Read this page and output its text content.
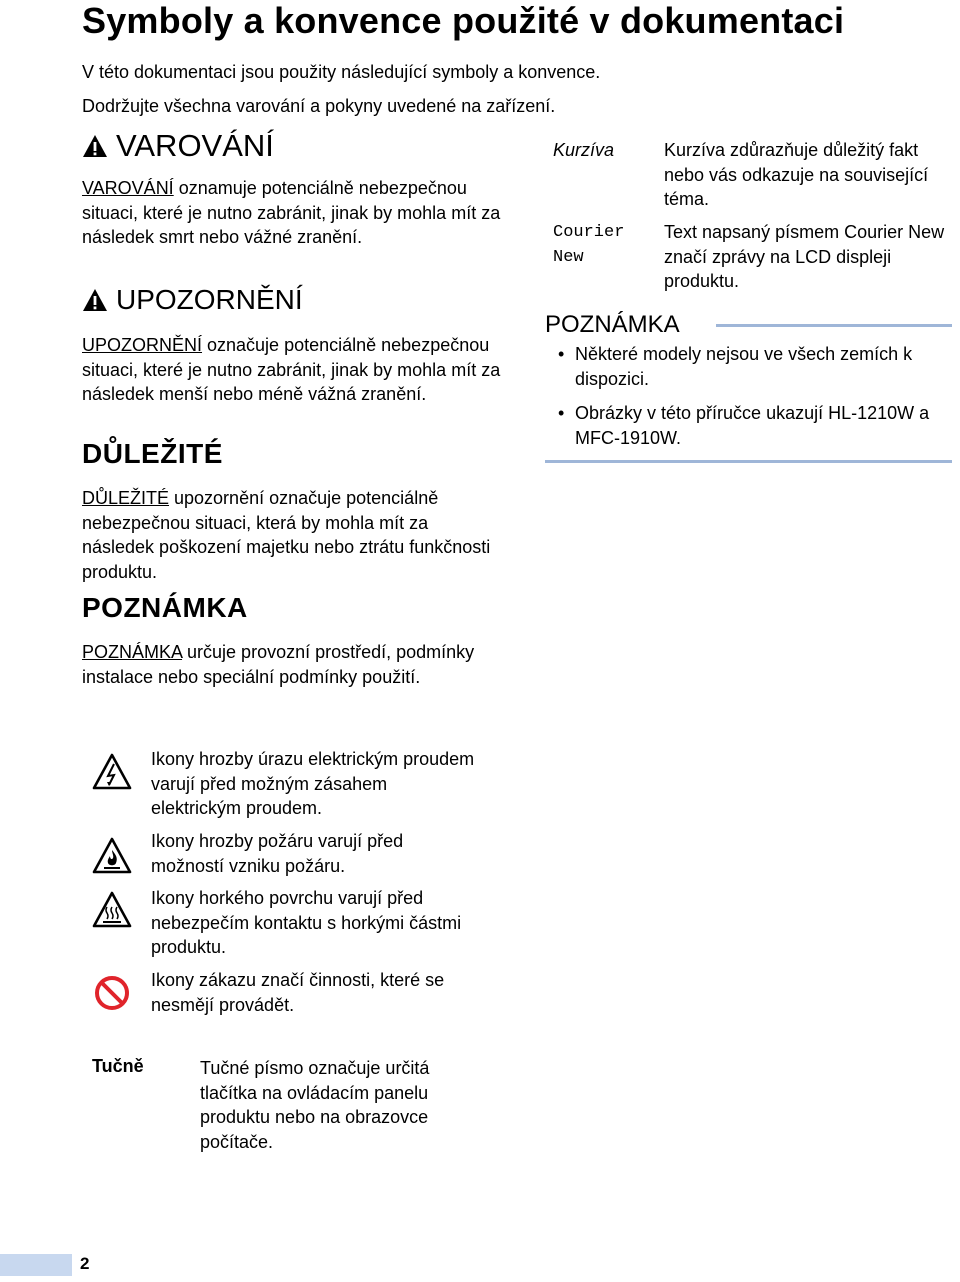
Symboly a konvence použité v dokumentaci
V této dokumentaci jsou použity následující symboly a konvence.
Dodržujte všechna varování a pokyny uvedené na zařízení.
VAROVÁNÍ
VAROVÁNÍ oznamuje potenciálně nebezpečnou situaci, které je nutno zabránit, jinak by mohla mít za následek smrt nebo vážné zranění.
UPOZORNĚNÍ
UPOZORNĚNÍ označuje potenciálně nebezpečnou situaci, které je nutno zabránit, jinak by mohla mít za následek menší nebo méně vážná zranění.
DŮLEŽITÉ
DŮLEŽITÉ upozornění označuje potenciálně nebezpečnou situaci, která by mohla mít za následek poškození majetku nebo ztrátu funkčnosti produktu.
POZNÁMKA
POZNÁMKA určuje provozní prostředí, podmínky instalace nebo speciální podmínky použití.
Kurzíva	Kurzíva zdůrazňuje důležitý fakt nebo vás odkazuje na související téma.
Courier
New
Text napsaný písmem Courier New značí zprávy na LCD displeji produktu.
POZNÁMKA
• Některé modely nejsou ve všech zemích k dispozici.
• Obrázky v této příručce ukazují HL-1210W a MFC-1910W.
Ikony hrozby úrazu elektrickým proudem varují před možným zásahem elektrickým proudem.
Ikony hrozby požáru varují před možností vzniku požáru.
Ikony horkého povrchu varují před nebezpečím kontaktu s horkými částmi produktu.
Ikony zákazu značí činnosti, které se nesmějí provádět.
Tučně	Tučné písmo označuje určitá tlačítka na ovládacím panelu produktu nebo na obrazovce počítače.
2
